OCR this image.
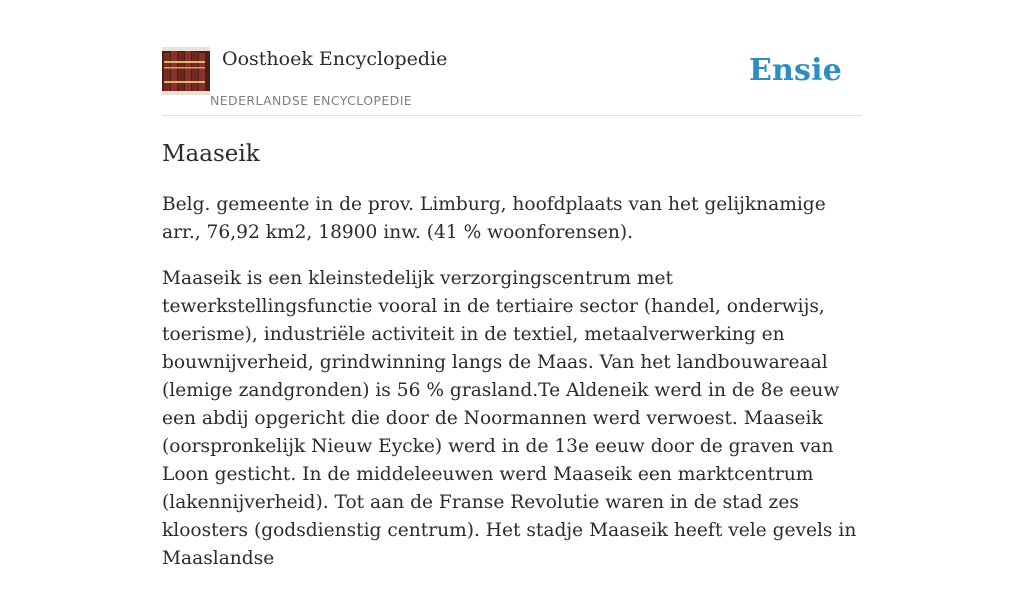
Oosthoek Encyclopedie
NEDERLANDSE ENCYCLOPEDIE
Ensie
Maaseik

Belg. gemeente in de prov. Limburg, hoofdplaats van het gelijknamige arr., 76,92 km2, 18900 inw. (41 % woonforensen).

Maaseik is een kleinstedelijk verzorgingscentrum met tewerkstellingsfunctie vooral in de tertiaire sector (handel, onderwijs, toerisme), industriële activiteit in de textiel, metaalverwerking en bouwnijverheid, grindwinning langs de Maas. Van het landbouwareaal (lemige zandgronden) is 56 % grasland.Te Aldeneik werd in de 8e eeuw een abdij opgericht die door de Noormannen werd verwoest. Maaseik (oorspronkelijk Nieuw Eycke) werd in de 13e eeuw door de graven van Loon gesticht. In de middeleeuwen werd Maaseik een marktcentrum (lakennijverheid). Tot aan de Franse Revolutie waren in de stad zes kloosters (godsdienstig centrum). Het stadje Maaseik heeft vele gevels in Maaslandse
